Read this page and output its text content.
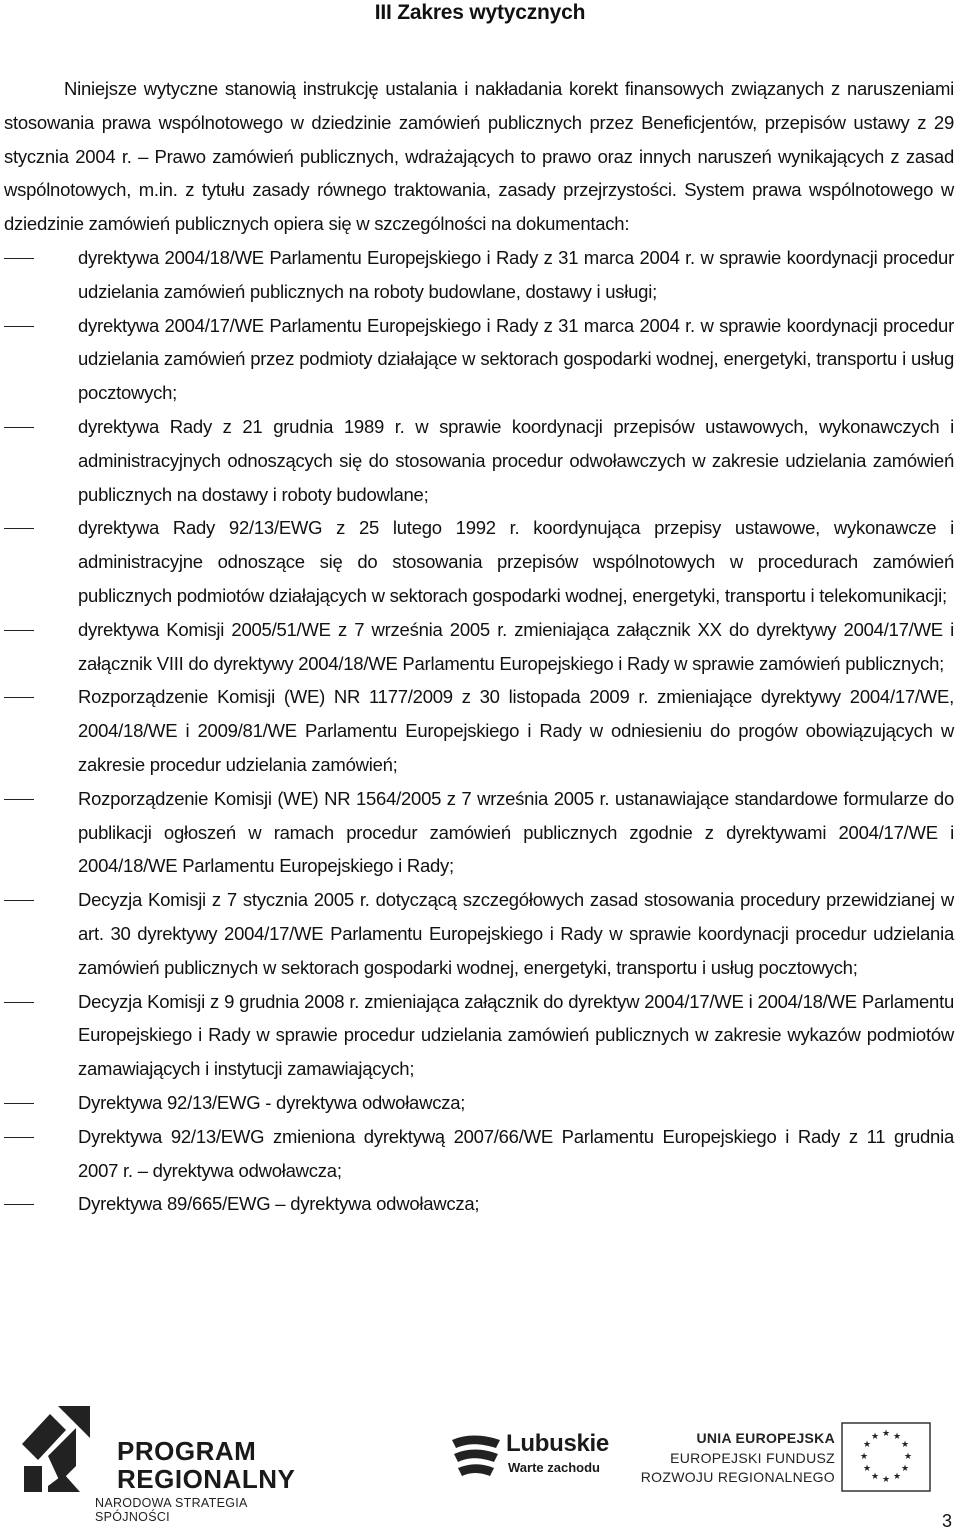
III Zakres wytycznych

Niniejsze wytyczne stanowią instrukcję ustalania i nakładania korekt finansowych związanych z naruszeniami stosowania prawa wspólnotowego w dziedzinie zamówień publicznych przez Beneficjentów, przepisów ustawy z 29 stycznia 2004 r. – Prawo zamówień publicznych, wdrażających to prawo oraz innych naruszeń wynikających z zasad wspólnotowych, m.in. z tytułu zasady równego traktowania, zasady przejrzystości. System prawa wspólnotowego w dziedzinie zamówień publicznych opiera się w szczególności na dokumentach:

dyrektywa 2004/18/WE Parlamentu Europejskiego i Rady z 31 marca 2004 r. w sprawie koordynacji procedur udzielania zamówień publicznych na roboty budowlane, dostawy i usługi;
dyrektywa 2004/17/WE Parlamentu Europejskiego i Rady z 31 marca 2004 r. w sprawie koordynacji procedur udzielania zamówień przez podmioty działające w sektorach gospodarki wodnej, energetyki, transportu i usług pocztowych;
dyrektywa Rady z 21 grudnia 1989 r. w sprawie koordynacji przepisów ustawowych, wykonawczych i administracyjnych odnoszących się do stosowania procedur odwoławczych w zakresie udzielania zamówień publicznych na dostawy i roboty budowlane;
dyrektywa Rady 92/13/EWG z 25 lutego 1992 r. koordynująca przepisy ustawowe, wykonawcze i administracyjne odnoszące się do stosowania przepisów wspólnotowych w procedurach zamówień publicznych podmiotów działających w sektorach gospodarki wodnej, energetyki, transportu i telekomunikacji;
dyrektywa Komisji 2005/51/WE z 7 września 2005 r. zmieniająca załącznik XX do dyrektywy 2004/17/WE i załącznik VIII do dyrektywy 2004/18/WE Parlamentu Europejskiego i Rady w sprawie zamówień publicznych;
Rozporządzenie Komisji (WE) NR 1177/2009 z 30 listopada 2009 r. zmieniające dyrektywy 2004/17/WE, 2004/18/WE i 2009/81/WE Parlamentu Europejskiego i Rady w odniesieniu do progów obowiązujących w zakresie procedur udzielania zamówień;
Rozporządzenie Komisji (WE) NR 1564/2005 z 7 września 2005 r. ustanawiające standardowe formularze do publikacji ogłoszeń w ramach procedur zamówień publicznych zgodnie z dyrektywami 2004/17/WE i 2004/18/WE Parlamentu Europejskiego i Rady;
Decyzja Komisji z 7 stycznia 2005 r. dotyczącą szczegółowych zasad stosowania procedury przewidzianej w art. 30 dyrektywy 2004/17/WE Parlamentu Europejskiego i Rady w sprawie koordynacji procedur udzielania zamówień publicznych w sektorach gospodarki wodnej, energetyki, transportu i usług pocztowych;
Decyzja Komisji z 9 grudnia 2008 r. zmieniająca załącznik do dyrektyw 2004/17/WE i 2004/18/WE Parlamentu Europejskiego i Rady w sprawie procedur udzielania zamówień publicznych w zakresie wykazów podmiotów zamawiających i instytucji zamawiających;
Dyrektywa 92/13/EWG - dyrektywa odwoławcza;
Dyrektywa 92/13/EWG zmieniona dyrektywą 2007/66/WE Parlamentu Europejskiego i Rady z 11 grudnia 2007 r. – dyrektywa odwoławcza;
Dyrektywa 89/665/EWG – dyrektywa odwoławcza;
PROGRAM
REGIONALNY
NARODOWA STRATEGIA SPÓJNOŚCI
Lubuskie
Warte zachodu
UNIA EUROPEJSKA
EUROPEJSKI FUNDUSZ
ROZWOJU REGIONALNEGO
★ ★
★
★
★
★
★
★
★
★
★
★
3
